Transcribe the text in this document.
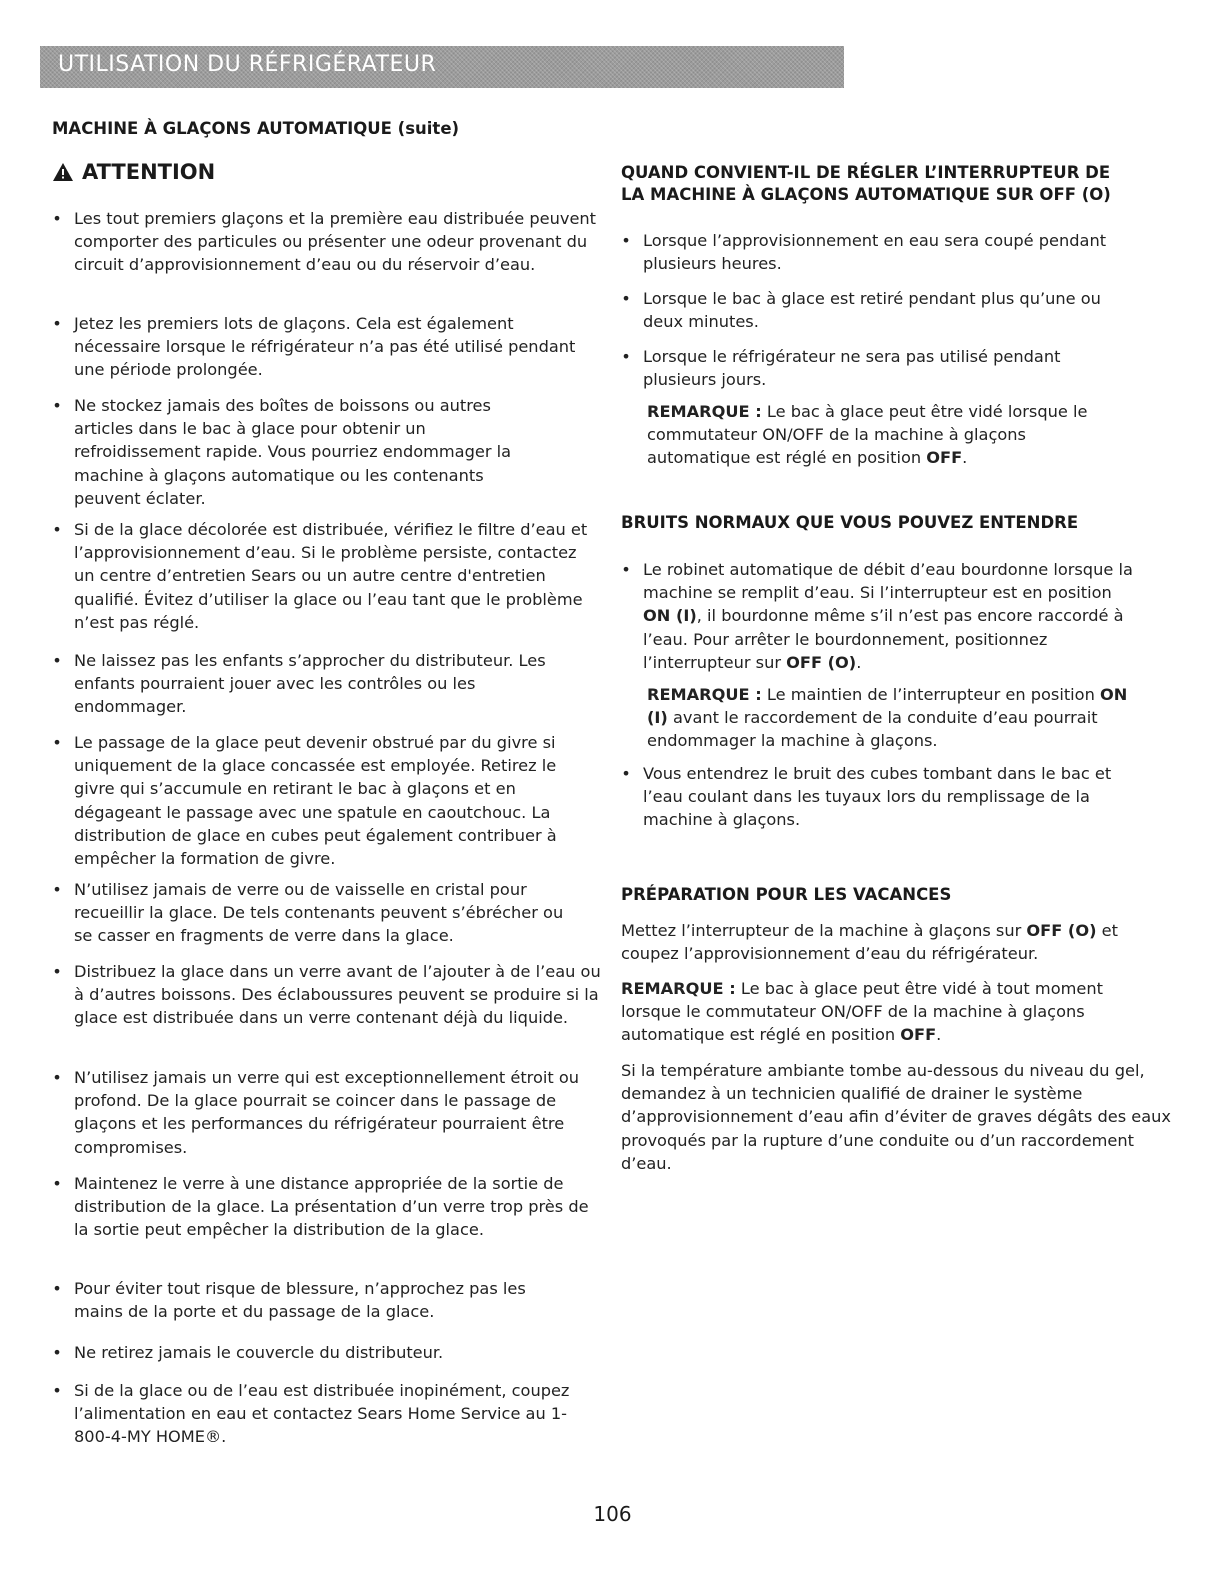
UTILISATION DU RÉFRIGÉRATEUR
MACHINE À GLAÇONS AUTOMATIQUE (suite)
ATTENTION
• Les tout premiers glaçons et la première eau distribuée peuvent comporter des particules ou présenter une odeur provenant du circuit d’approvisionnement d’eau ou du réservoir d’eau.
• Jetez les premiers lots de glaçons. Cela est également nécessaire lorsque le réfrigérateur n’a pas été utilisé pendant une période prolongée.
• Ne stockez jamais des boîtes de boissons ou autres articles dans le bac à glace pour obtenir un refroidissement rapide. Vous pourriez endommager la machine à glaçons automatique ou les contenants peuvent éclater.
• Si de la glace décolorée est distribuée, vérifiez le filtre d’eau et l’approvisionnement d’eau. Si le problème persiste, contactez un centre d’entretien Sears ou un autre centre d'entretien qualifié. Évitez d’utiliser la glace ou l’eau tant que le problème n’est pas réglé.
• Ne laissez pas les enfants s’approcher du distributeur. Les enfants pourraient jouer avec les contrôles ou les endommager.
• Le passage de la glace peut devenir obstrué par du givre si uniquement de la glace concassée est employée. Retirez le givre qui s’accumule en retirant le bac à glaçons et en dégageant le passage avec une spatule en caoutchouc. La distribution de glace en cubes peut également contribuer à empêcher la formation de givre.
• N’utilisez jamais de verre ou de vaisselle en cristal pour recueillir la glace. De tels contenants peuvent s’ébrécher ou se casser en fragments de verre dans la glace.
• Distribuez la glace dans un verre avant de l’ajouter à de l’eau ou à d’autres boissons. Des éclaboussures peuvent se produire si la glace est distribuée dans un verre contenant déjà du liquide.
• N’utilisez jamais un verre qui est exceptionnellement étroit ou profond. De la glace pourrait se coincer dans le passage de glaçons et les performances du réfrigérateur pourraient être compromises.
• Maintenez le verre à une distance appropriée de la sortie de distribution de la glace. La présentation d’un verre trop près de la sortie peut empêcher la distribution de la glace.
• Pour éviter tout risque de blessure, n’approchez pas les mains de la porte et du passage de la glace.
• Ne retirez jamais le couvercle du distributeur.
• Si de la glace ou de l’eau est distribuée inopinément, coupez l’alimentation en eau et contactez Sears Home Service au 1-800-4-MY HOME®.
QUAND CONVIENT-IL DE RÉGLER L’INTERRUPTEUR DE
LA MACHINE À GLAÇONS AUTOMATIQUE SUR OFF (O)
• Lorsque l’approvisionnement en eau sera coupé pendant plusieurs heures.
• Lorsque le bac à glace est retiré pendant plus qu’une ou deux minutes.
• Lorsque le réfrigérateur ne sera pas utilisé pendant plusieurs jours.
REMARQUE : Le bac à glace peut être vidé lorsque le commutateur ON/OFF de la machine à glaçons automatique est réglé en position OFF.
BRUITS NORMAUX QUE VOUS POUVEZ ENTENDRE
• Le robinet automatique de débit d’eau bourdonne lorsque la machine se remplit d’eau. Si l’interrupteur est en position ON (I), il bourdonne même s’il n’est pas encore raccordé à l’eau. Pour arrêter le bourdonnement, positionnez l’interrupteur sur OFF (O).
REMARQUE : Le maintien de l’interrupteur en position ON (I) avant le raccordement de la conduite d’eau pourrait endommager la machine à glaçons.
• Vous entendrez le bruit des cubes tombant dans le bac et l’eau coulant dans les tuyaux lors du remplissage de la machine à glaçons.
PRÉPARATION POUR LES VACANCES
Mettez l’interrupteur de la machine à glaçons sur OFF (O) et coupez l’approvisionnement d’eau du réfrigérateur.
REMARQUE : Le bac à glace peut être vidé à tout moment lorsque le commutateur ON/OFF de la machine à glaçons automatique est réglé en position OFF.
Si la température ambiante tombe au-dessous du niveau du gel, demandez à un technicien qualifié de drainer le système d’approvisionnement d’eau afin d’éviter de graves dégâts des eaux provoqués par la rupture d’une conduite ou d’un raccordement d’eau.
106
